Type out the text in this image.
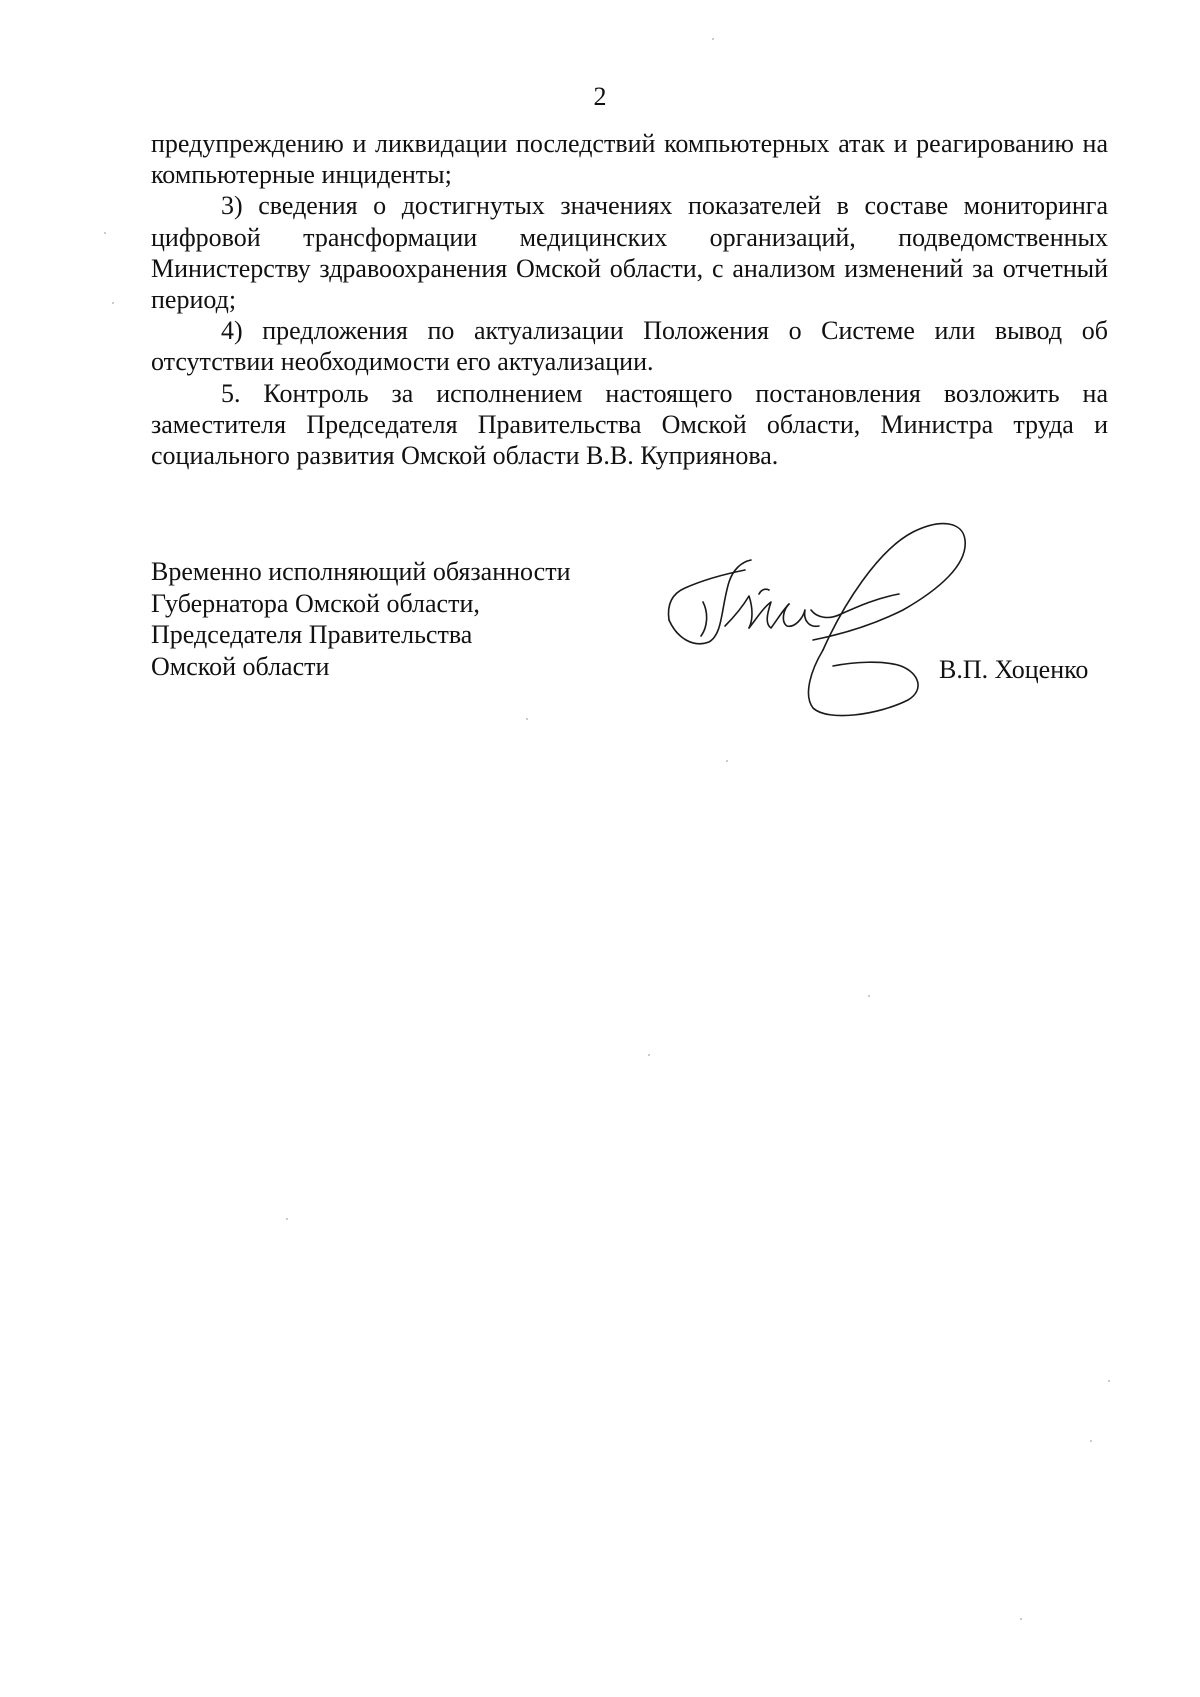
2

предупреждению и ликвидации последствий компьютерных атак и реагированию на компьютерные инциденты;

3) сведения о достигнутых значениях показателей в составе мониторинга цифровой трансформации медицинских организаций, подведомственных Министерству здравоохранения Омской области, с анализом изменений за отчетный период;

4) предложения по актуализации Положения о Системе или вывод об отсутствии необходимости его актуализации.

5. Контроль за исполнением настоящего постановления возложить на заместителя Председателя Правительства Омской области, Министра труда и социального развития Омской области В.В. Куприянова.

Временно исполняющий обязанности
Губернатора Омской области,
Председателя Правительства
Омской области	В.П. Хоценко
